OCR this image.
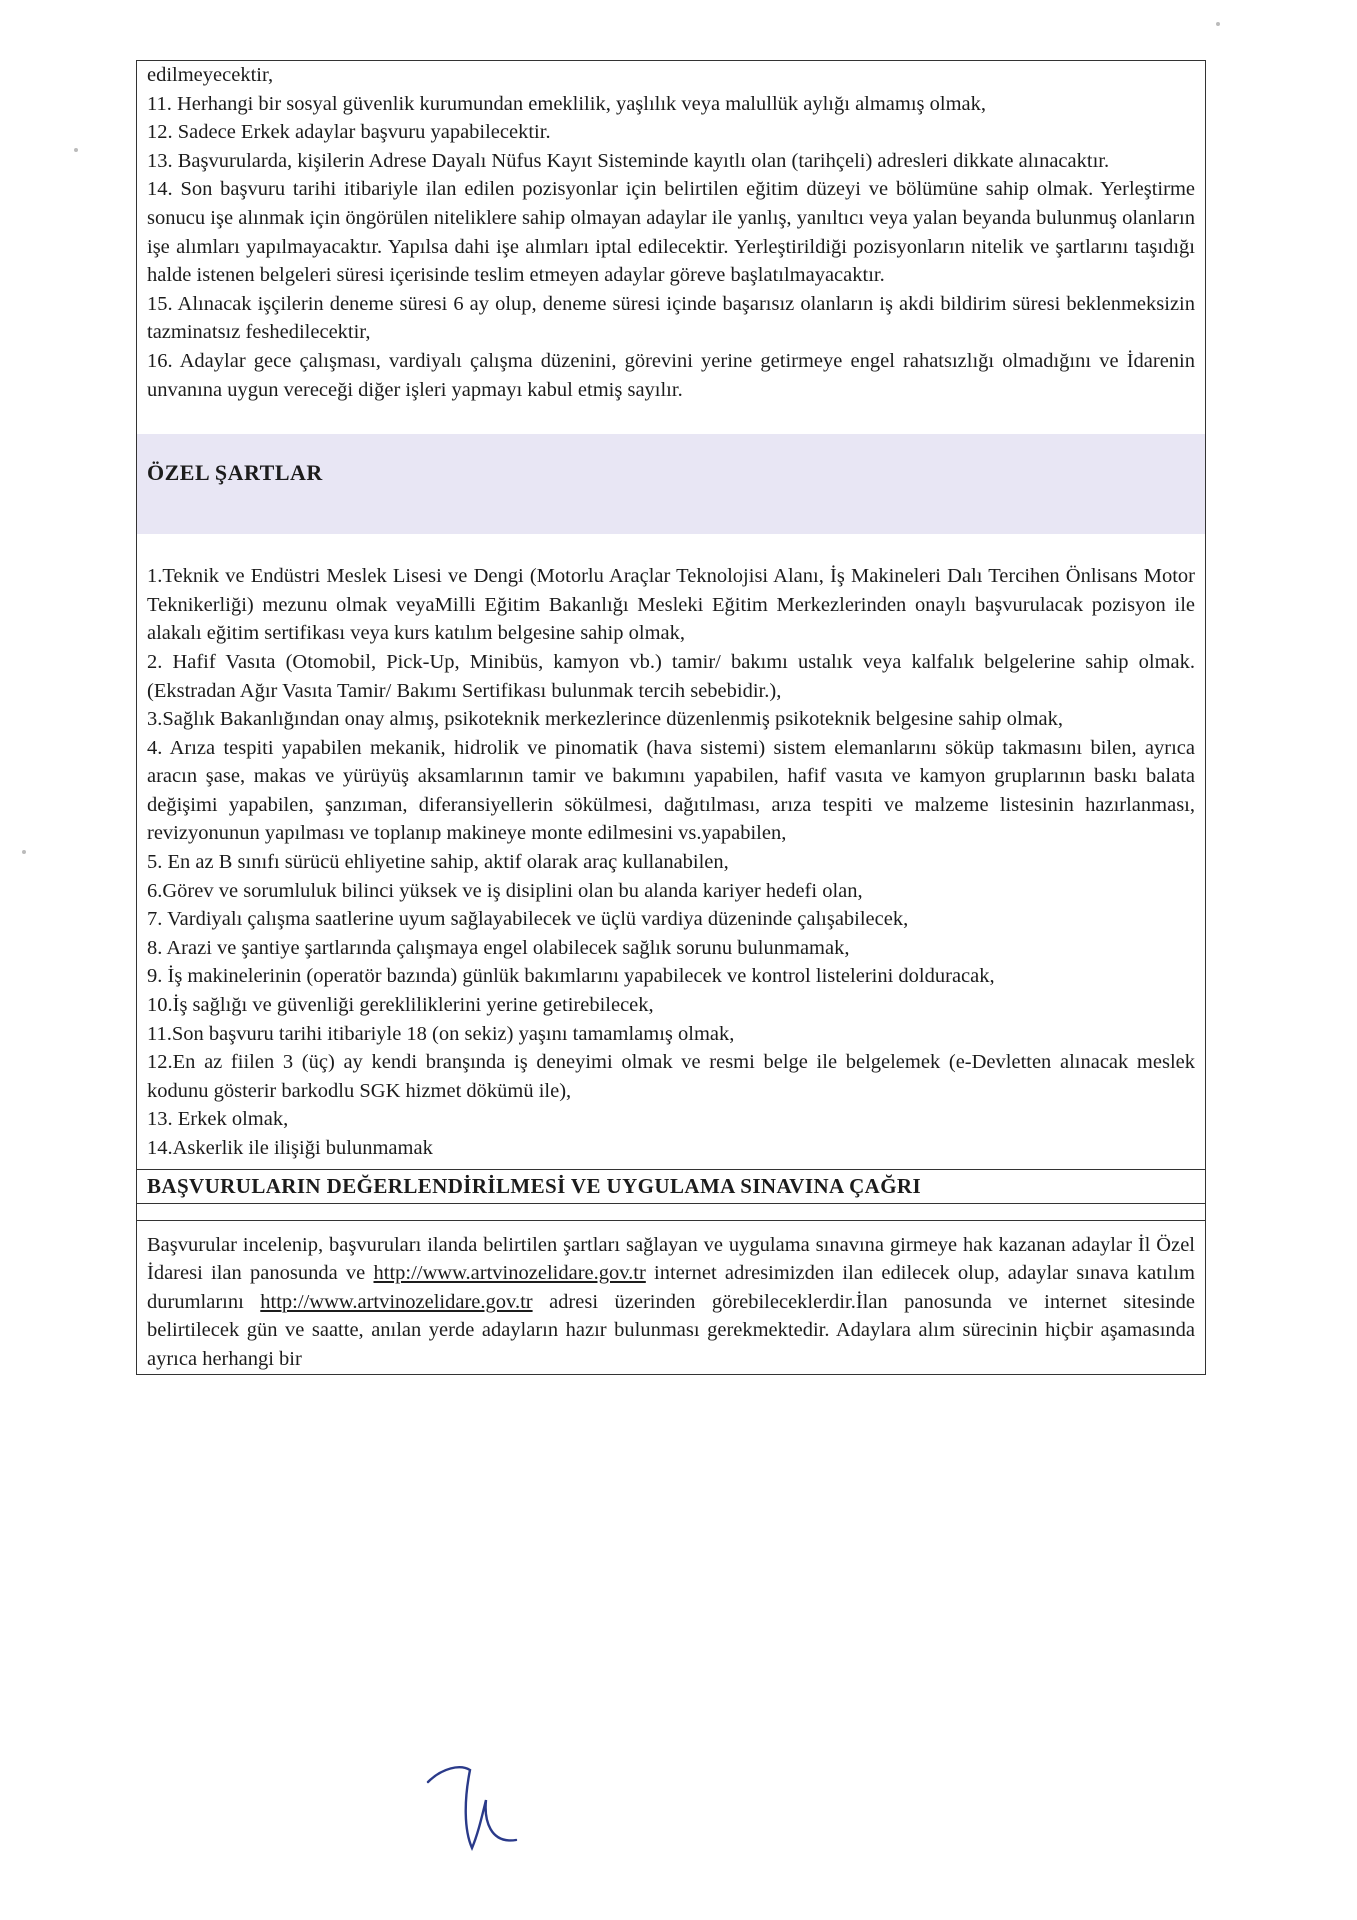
edilmeyecektir,

11. Herhangi bir sosyal güvenlik kurumundan emeklilik, yaşlılık veya malullük aylığı almamış olmak,

12. Sadece Erkek adaylar başvuru yapabilecektir.

13. Başvurularda, kişilerin Adrese Dayalı Nüfus Kayıt Sisteminde kayıtlı olan (tarihçeli) adresleri dikkate alınacaktır.

14. Son başvuru tarihi itibariyle ilan edilen pozisyonlar için belirtilen eğitim düzeyi ve bölümüne sahip olmak. Yerleştirme sonucu işe alınmak için öngörülen niteliklere sahip olmayan adaylar ile yanlış, yanıltıcı veya yalan beyanda bulunmuş olanların işe alımları yapılmayacaktır. Yapılsa dahi işe alımları iptal edilecektir. Yerleştirildiği pozisyonların nitelik ve şartlarını taşıdığı halde istenen belgeleri süresi içerisinde teslim etmeyen adaylar göreve başlatılmayacaktır.

15. Alınacak işçilerin deneme süresi 6 ay olup, deneme süresi içinde başarısız olanların iş akdi bildirim süresi beklenmeksizin tazminatsız feshedilecektir,

16. Adaylar gece çalışması, vardiyalı çalışma düzenini, görevini yerine getirmeye engel rahatsızlığı olmadığını ve İdarenin unvanına uygun vereceği diğer işleri yapmayı kabul etmiş sayılır.

ÖZEL ŞARTLAR

1.Teknik ve Endüstri Meslek Lisesi ve Dengi (Motorlu Araçlar Teknolojisi Alanı, İş Makineleri Dalı Tercihen Önlisans Motor Teknikerliği) mezunu olmak veyaMilli Eğitim Bakanlığı Mesleki Eğitim Merkezlerinden onaylı başvurulacak pozisyon ile alakalı eğitim sertifikası veya kurs katılım belgesine sahip olmak,

2. Hafif Vasıta (Otomobil, Pick-Up, Minibüs, kamyon vb.) tamir/ bakımı ustalık veya kalfalık belgelerine sahip olmak. (Ekstradan Ağır Vasıta Tamir/ Bakımı Sertifikası bulunmak tercih sebebidir.),

3.Sağlık Bakanlığından onay almış, psikoteknik merkezlerince düzenlenmiş psikoteknik belgesine sahip olmak,

4. Arıza tespiti yapabilen mekanik, hidrolik ve pinomatik (hava sistemi) sistem elemanlarını söküp takmasını bilen, ayrıca aracın şase, makas ve yürüyüş aksamlarının tamir ve bakımını yapabilen, hafif vasıta ve kamyon gruplarının baskı balata değişimi yapabilen, şanzıman, diferansiyellerin sökülmesi, dağıtılması, arıza tespiti ve malzeme listesinin hazırlanması, revizyonunun yapılması ve toplanıp makineye monte edilmesini vs.yapabilen,

5. En az B sınıfı sürücü ehliyetine sahip, aktif olarak araç kullanabilen,

6.Görev ve sorumluluk bilinci yüksek ve iş disiplini olan bu alanda kariyer hedefi olan,

7. Vardiyalı çalışma saatlerine uyum sağlayabilecek ve üçlü vardiya düzeninde çalışabilecek,

8. Arazi ve şantiye şartlarında çalışmaya engel olabilecek sağlık sorunu bulunmamak,

9. İş makinelerinin (operatör bazında) günlük bakımlarını yapabilecek ve kontrol listelerini dolduracak,

10.İş sağlığı ve güvenliği gerekliliklerini yerine getirebilecek,

11.Son başvuru tarihi itibariyle 18 (on sekiz) yaşını tamamlamış olmak,

12.En az fiilen 3 (üç) ay kendi branşında iş deneyimi olmak ve resmi belge ile belgelemek (e-Devletten alınacak meslek kodunu gösterir barkodlu SGK hizmet dökümü ile),

13. Erkek olmak,

14.Askerlik ile ilişiği bulunmamak

BAŞVURULARIN DEĞERLENDİRİLMESİ VE UYGULAMA SINAVINA ÇAĞRI
Başvurular incelenip, başvuruları ilanda belirtilen şartları sağlayan ve uygulama sınavına girmeye hak kazanan adaylar İl Özel İdaresi ilan panosunda ve http://www.artvinozelidare.gov.tr internet adresimizden ilan edilecek olup, adaylar sınava katılım durumlarını http://www.artvinozelidare.gov.tr adresi üzerinden görebileceklerdir.İlan panosunda ve internet sitesinde belirtilecek gün ve saatte, anılan yerde adayların hazır bulunması gerekmektedir. Adaylara alım sürecinin hiçbir aşamasında ayrıca herhangi bir
